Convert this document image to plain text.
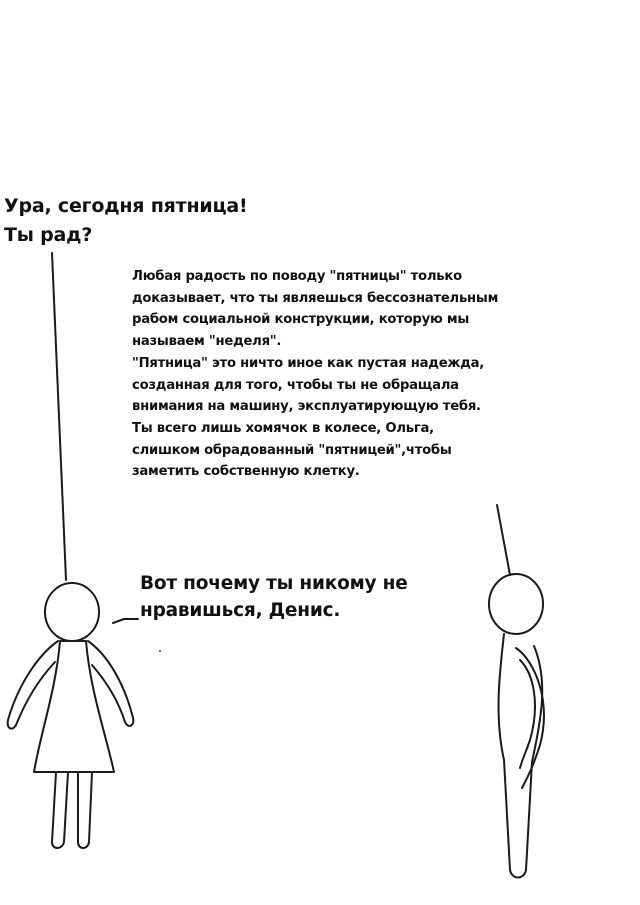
Ура, сегодня пятница!
Ты рад?
Любая радость по поводу "пятницы" только
доказывает, что ты являешься бессознательным
рабом социальной конструкции, которую мы
называем "неделя".
"Пятница" это ничто иное как пустая надежда,
созданная для того, чтобы ты не обращала
внимания на машину, эксплуатирующую тебя.
Ты всего лишь хомячок в колесе, Ольга,
слишком обрадованный "пятницей",чтобы
заметить собственную клетку.
Вот почему ты никому не
нравишься, Денис.
